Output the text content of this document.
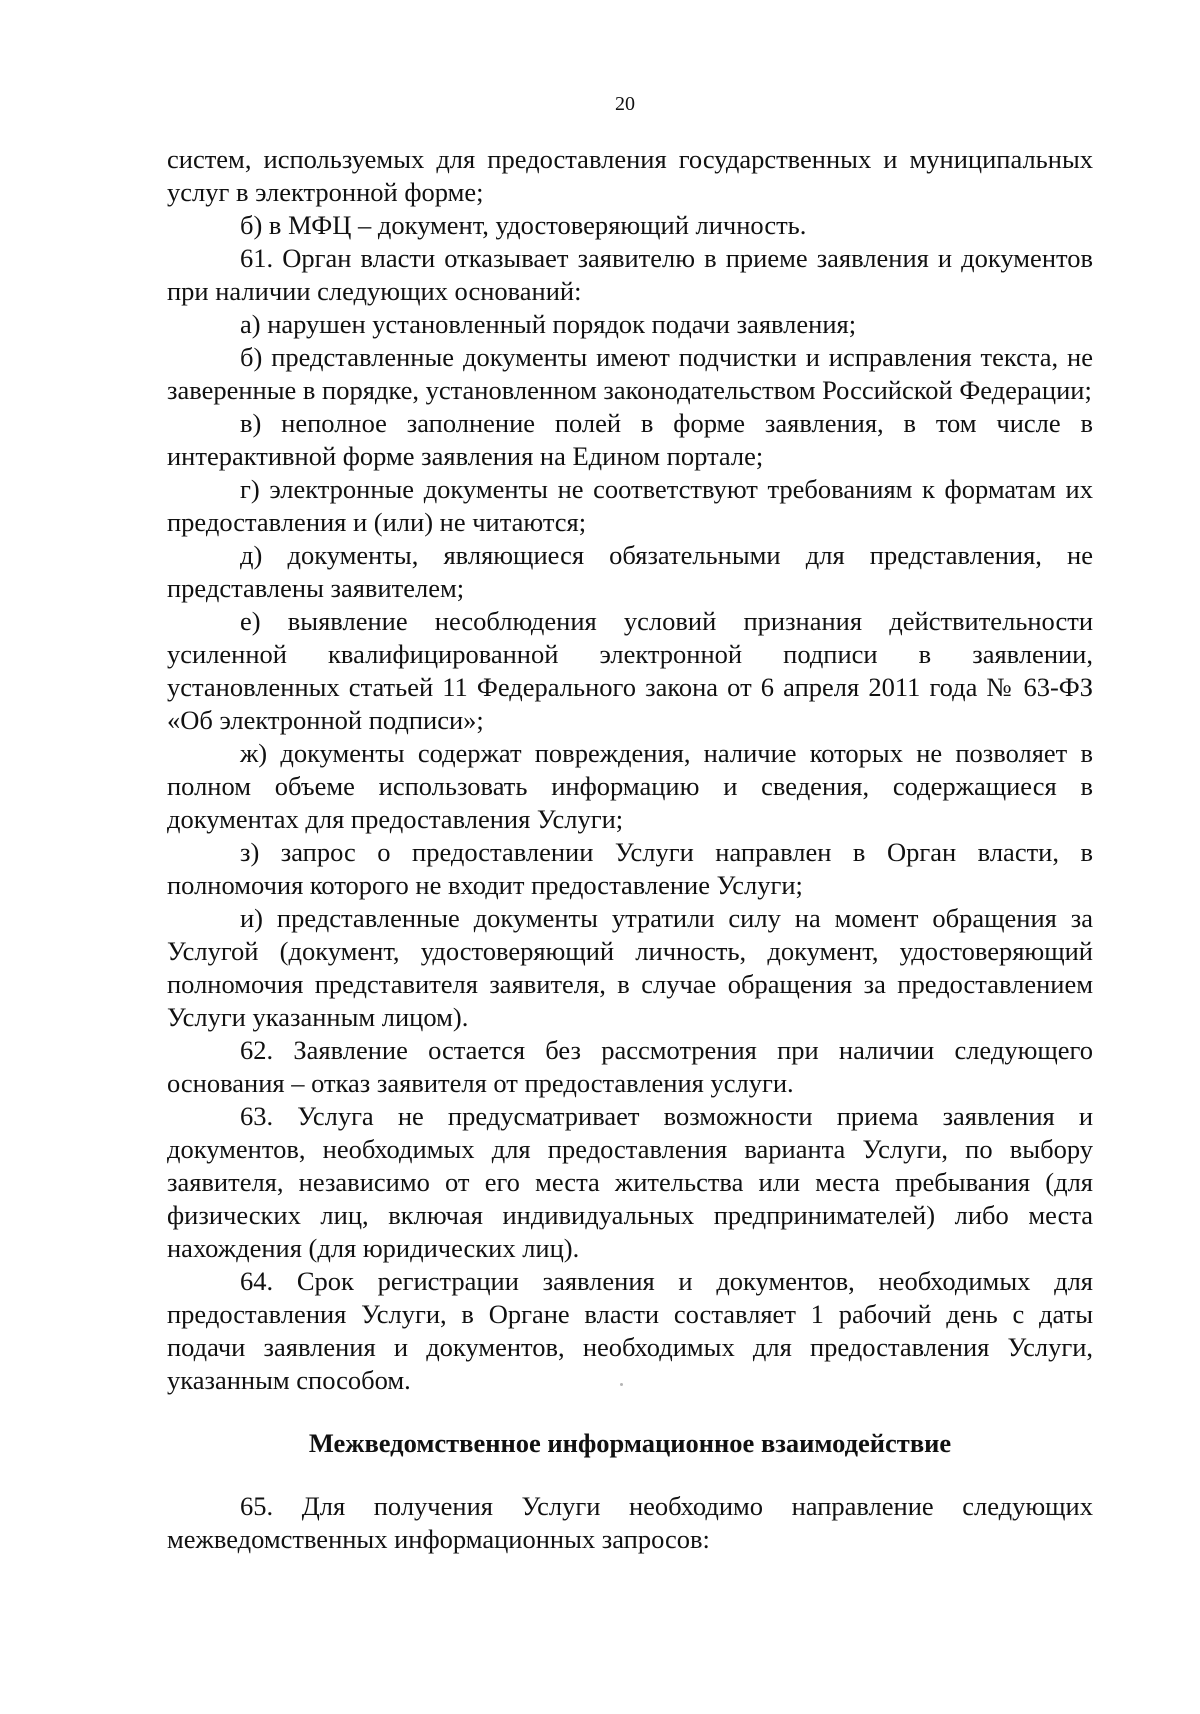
20

систем, используемых для предоставления государственных и муниципальных услуг в электронной форме;

б) в МФЦ – документ, удостоверяющий личность.

61. Орган власти отказывает заявителю в приеме заявления и документов при наличии следующих оснований:

а) нарушен установленный порядок подачи заявления;

б) представленные документы имеют подчистки и исправления текста, не заверенные в порядке, установленном законодательством Российской Федерации;

в) неполное заполнение полей в форме заявления, в том числе в интерактивной форме заявления на Едином портале;

г) электронные документы не соответствуют требованиям к форматам их предоставления и (или) не читаются;

д) документы, являющиеся обязательными для представления, не представлены заявителем;

е) выявление несоблюдения условий признания действительности усиленной квалифицированной электронной подписи в заявлении, установленных статьей 11 Федерального закона от 6 апреля 2011 года № 63-ФЗ «Об электронной подписи»;

ж) документы содержат повреждения, наличие которых не позволяет в полном объеме использовать информацию и сведения, содержащиеся в документах для предоставления Услуги;

з) запрос о предоставлении Услуги направлен в Орган власти, в полномочия которого не входит предоставление Услуги;

и) представленные документы утратили силу на момент обращения за Услугой (документ, удостоверяющий личность, документ, удостоверяющий полномочия представителя заявителя, в случае обращения за предоставлением Услуги указанным лицом).

62. Заявление остается без рассмотрения при наличии следующего основания – отказ заявителя от предоставления услуги.

63. Услуга не предусматривает возможности приема заявления и документов, необходимых для предоставления варианта Услуги, по выбору заявителя, независимо от его места жительства или места пребывания (для физических лиц, включая индивидуальных предпринимателей) либо места нахождения (для юридических лиц).

64. Срок регистрации заявления и документов, необходимых для предоставления Услуги, в Органе власти составляет 1 рабочий день с даты подачи заявления и документов, необходимых для предоставления Услуги, указанным способом.

Межведомственное информационное взаимодействие

65. Для получения Услуги необходимо направление следующих межведомственных информационных запросов:
